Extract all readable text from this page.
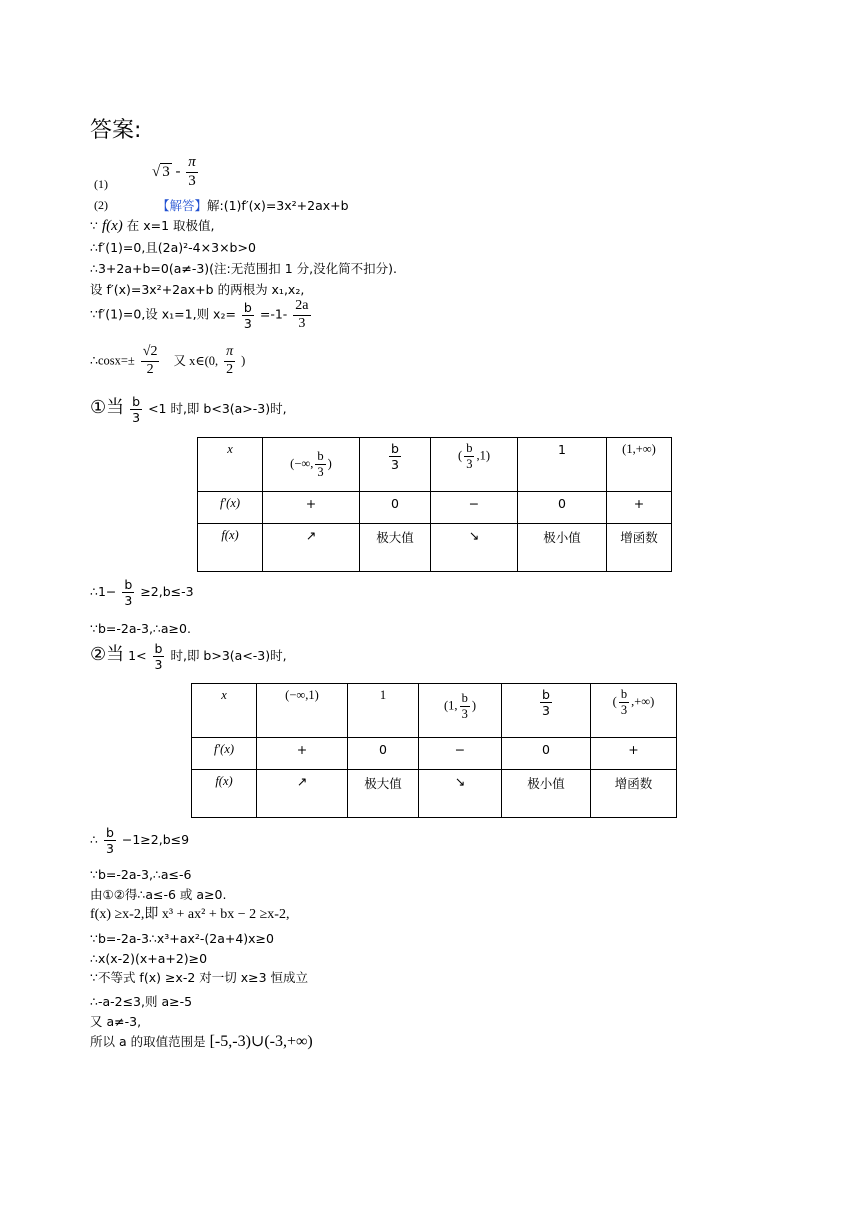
答案:
(1)
√ $3 - \frac{\pi}{3}$
(2)	【解答】解:(1)f′(x)=3x²+2ax+b
∵ f(x) 在 x=1 取极值,
∴f′(1)=0,且(2a)²-4×3×b>0
∴3+2a+b=0(a≠-3)(注:无范围扣 1 分,没化简不扣分).
设 f′(x)=3x²+2ax+b 的两根为 x₁,x₂,
∵f′(1)=0,设 x₁=1,则 $x_2= \frac{b}{3} =-1- \frac{2a}{3}$
∴cosx=± $\frac{√2}{2}$ 又 x∈(0, $\frac{\pi}{2}$ )
①当 $\frac{b}{3} <1$ 时,即 b<3(a>-3)时,
x	(−∞, $\frac{b}{3}$ )	$\frac{b}{3}$	( $\frac{b}{3} ,1$)	1	(1,+∞)
f′(x)	+	0	−	0	+
f(x)	↗	极大值	↘	极小值	增函数
∴1− $\frac{b}{3} \ge 2,b\le-3$
∵b=-2a-3,∴a≥0.
②当 $1< \frac{b}{3}$ 时,即 b>3(a<-3)时,
x	(−∞,1)	1	(1, $\frac{b}{3}$ )	$\frac{b}{3}$	( $\frac{b}{3}$ ,+∞)
f′(x)	+	0	−	0	+
f(x)	↗	极大值	↘	极小值	增函数
∴ $\frac{b}{3} -1\ge 2,b\le 9$
∵b=-2a-3,∴a≤-6
由①②得∴a≤-6 或 a≥0.
f(x) ≥x-2,即 x³ + ax² + bx − 2 ≥x-2,
∵b=-2a-3∴x³+ax²-(2a+4)x≥0
∴x(x-2)(x+a+2)≥0
∵不等式 f(x) ≥x-2 对一切 x≥3 恒成立
∴-a-2≤3,则 a≥-5
又 a≠-3,
所以 a 的取值范围是 [-5,-3)∪(-3,+∞)
